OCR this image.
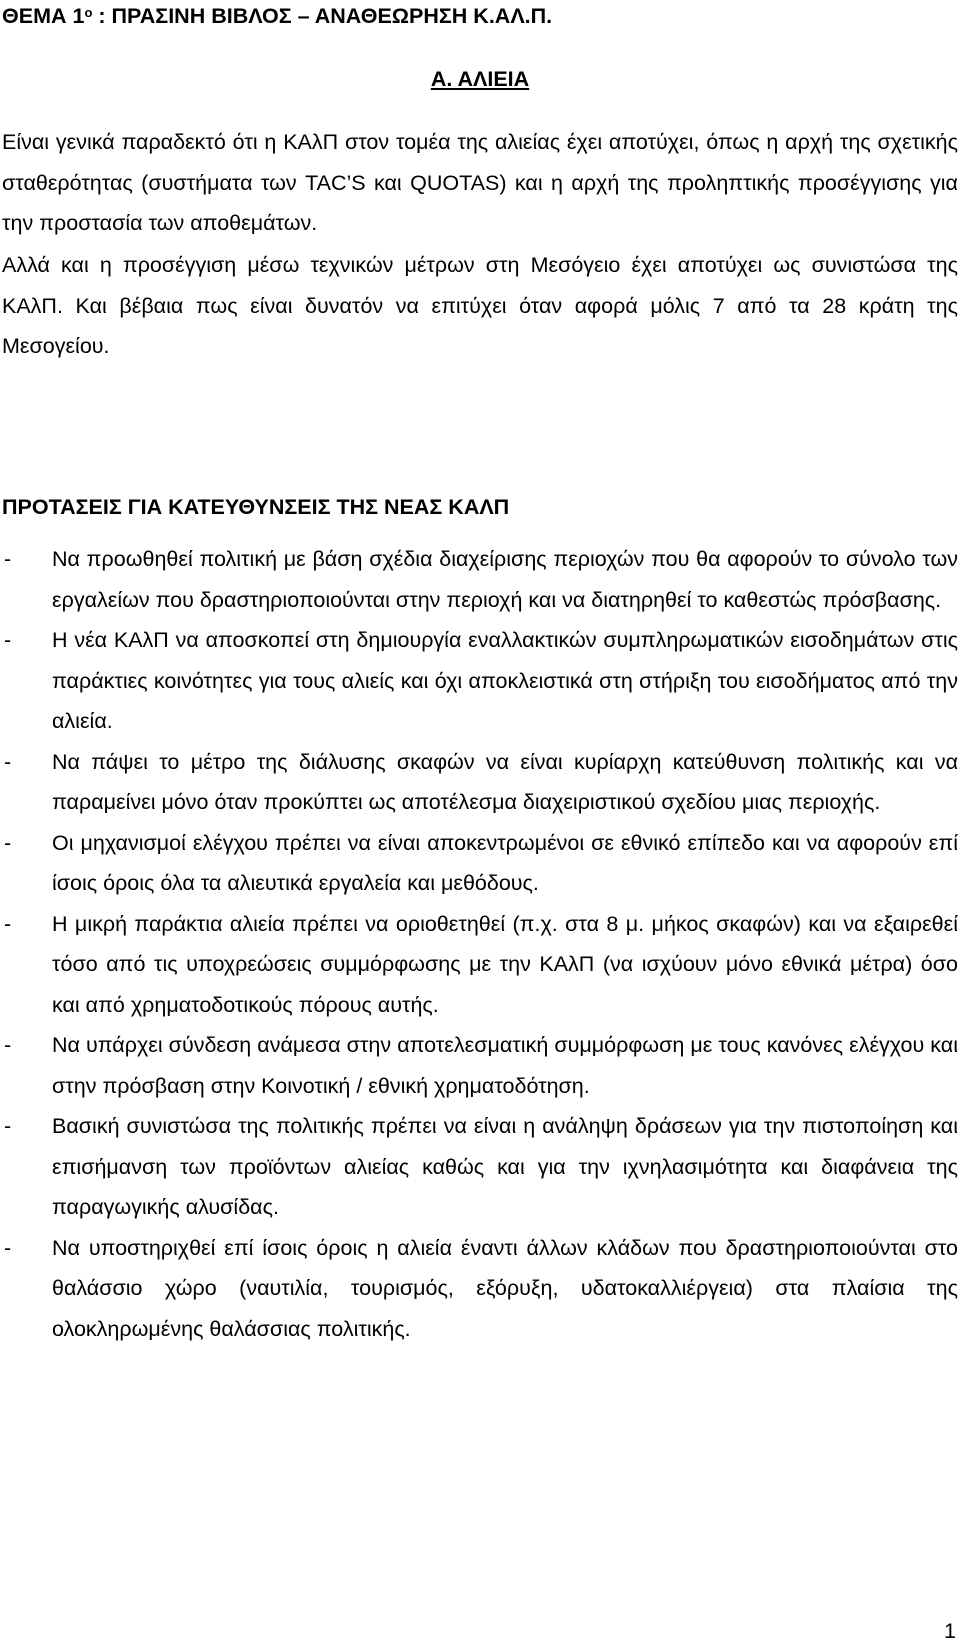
ΘΕΜΑ $1^o$ : ΠΡΑΣΙΝΗ ΒΙΒΛΟΣ – ΑΝΑΘΕΩΡΗΣΗ Κ.ΑΛ.Π.
Α. ΑΛΙΕΙΑ

Είναι γενικά παραδεκτό ότι η ΚΑλΠ στον τομέα της αλιείας έχει αποτύχει, όπως η αρχή της σχετικής σταθερότητας (συστήματα των TAC’S και QUOTAS) και η αρχή της προληπτικής προσέγγισης για την προστασία των αποθεμάτων.

Αλλά και η προσέγγιση μέσω τεχνικών μέτρων στη Μεσόγειο έχει αποτύχει ως συνιστώσα της ΚΑλΠ. Και βέβαια πως είναι δυνατόν να επιτύχει όταν αφορά μόλις 7 από τα 28 κράτη της Μεσογείου.

ΠΡΟΤΑΣΕΙΣ ΓΙΑ ΚΑΤΕΥΘΥΝΣΕΙΣ ΤΗΣ ΝΕΑΣ ΚΑΛΠ
- Να προωθηθεί πολιτική με βάση σχέδια διαχείρισης περιοχών που θα αφορούν το σύνολο των εργαλείων που δραστηριοποιούνται στην περιοχή και να διατηρηθεί το καθεστώς πρόσβασης.
- Η νέα ΚΑλΠ να αποσκοπεί στη δημιουργία εναλλακτικών συμπληρωματικών εισοδημάτων στις παράκτιες κοινότητες για τους αλιείς και όχι αποκλειστικά στη στήριξη του εισοδήματος από την αλιεία.
- Να πάψει το μέτρο της διάλυσης σκαφών να είναι κυρίαρχη κατεύθυνση πολιτικής και να παραμείνει μόνο όταν προκύπτει ως αποτέλεσμα διαχειριστικού σχεδίου μιας περιοχής.
- Οι μηχανισμοί ελέγχου πρέπει να είναι αποκεντρωμένοι σε εθνικό επίπεδο και να αφορούν επί ίσοις όροις όλα τα αλιευτικά εργαλεία και μεθόδους.
- Η μικρή παράκτια αλιεία πρέπει να οριοθετηθεί (π.χ. στα 8 μ. μήκος σκαφών) και να εξαιρεθεί τόσο από τις υποχρεώσεις συμμόρφωσης με την ΚΑλΠ (να ισχύουν μόνο εθνικά μέτρα) όσο και από χρηματοδοτικούς πόρους αυτής.
- Να υπάρχει σύνδεση ανάμεσα στην αποτελεσματική συμμόρφωση με τους κανόνες ελέγχου και στην πρόσβαση στην Κοινοτική / εθνική χρηματοδότηση.
- Βασική συνιστώσα της πολιτικής πρέπει να είναι η ανάληψη δράσεων για την πιστοποίηση και επισήμανση των προϊόντων αλιείας καθώς και για την ιχνηλασιμότητα και διαφάνεια της παραγωγικής αλυσίδας.
- Να υποστηριχθεί επί ίσοις όροις η αλιεία έναντι άλλων κλάδων που δραστηριοποιούνται στο θαλάσσιο χώρο (ναυτιλία, τουρισμός, εξόρυξη, υδατοκαλλιέργεια) στα πλαίσια της ολοκληρωμένης θαλάσσιας πολιτικής.
1
